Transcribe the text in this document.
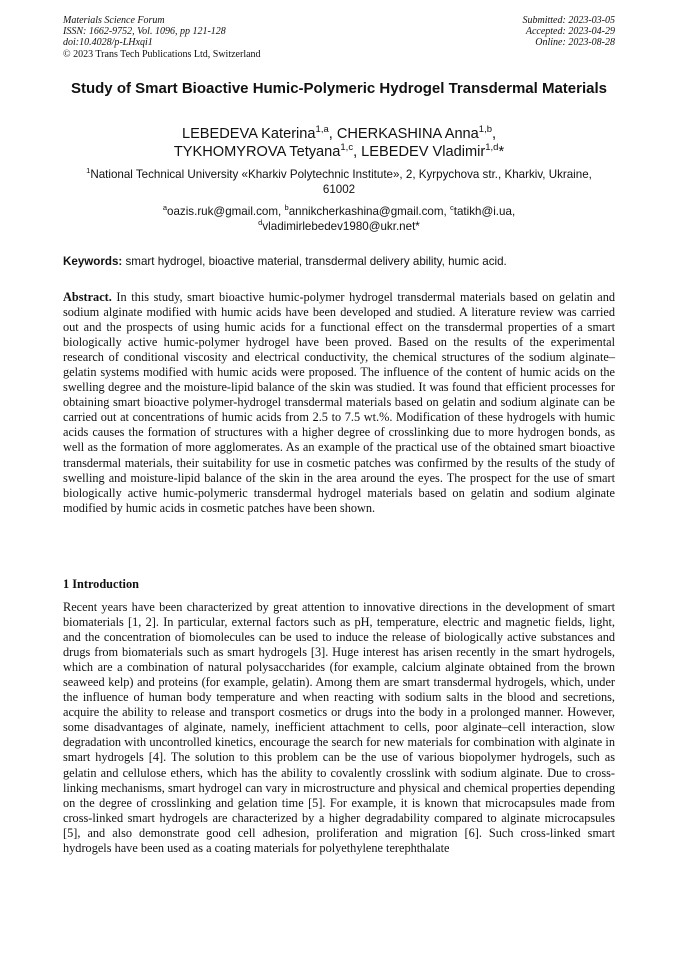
Materials Science Forum
ISSN: 1662-9752, Vol. 1096, pp 121-128
doi:10.4028/p-LHxqi1
© 2023 Trans Tech Publications Ltd, Switzerland
Submitted: 2023-03-05
Accepted: 2023-04-29
Online: 2023-08-28
Study of Smart Bioactive Humic-Polymeric Hydrogel Transdermal Materials
LEBEDEVA Katerina$^{1,a}$, CHERKASHINA Anna$^{1,b}$,
TYKHOMYROVA Tetyana$^{1,c}$, LEBEDEV Vladimir$^{1,d}$*
$^1$National Technical University «Kharkiv Polytechnic Institute», 2, Kyrpychova str., Kharkiv, Ukraine, 61002
$^a$oazis.ruk@gmail.com, $^b$annikcherkashina@gmail.com, $^c$tatikh@i.ua,
$^d$vladimirlebedev1980@ukr.net*
Keywords: smart hydrogel, bioactive material, transdermal delivery ability, humic acid.
Abstract. In this study, smart bioactive humic-polymer hydrogel transdermal materials based on gelatin and sodium alginate modified with humic acids have been developed and studied. A literature review was carried out and the prospects of using humic acids for a functional effect on the transdermal properties of a smart biologically active humic-polymer hydrogel have been proved. Based on the results of the experimental research of conditional viscosity and electrical conductivity, the chemical structures of the sodium alginate–gelatin systems modified with humic acids were proposed. The influence of the content of humic acids on the swelling degree and the moisture-lipid balance of the skin was studied. It was found that efficient processes for obtaining smart bioactive polymer-hydrogel transdermal materials based on gelatin and sodium alginate can be carried out at concentrations of humic acids from 2.5 to 7.5 wt.%. Modification of these hydrogels with humic acids causes the formation of structures with a higher degree of crosslinking due to more hydrogen bonds, as well as the formation of more agglomerates. As an example of the practical use of the obtained smart bioactive transdermal materials, their suitability for use in cosmetic patches was confirmed by the results of the study of swelling and moisture-lipid balance of the skin in the area around the eyes. The prospect for the use of smart biologically active humic-polymeric transdermal hydrogel materials based on gelatin and sodium alginate modified by humic acids in cosmetic patches have been shown.
1 Introduction
Recent years have been characterized by great attention to innovative directions in the development of smart biomaterials [1, 2]. In particular, external factors such as pH, temperature, electric and magnetic fields, light, and the concentration of biomolecules can be used to induce the release of biologically active substances and drugs from biomaterials such as smart hydrogels [3]. Huge interest has arisen recently in the smart hydrogels, which are a combination of natural polysaccharides (for example, calcium alginate obtained from the brown seaweed kelp) and proteins (for example, gelatin). Among them are smart transdermal hydrogels, which, under the influence of human body temperature and when reacting with sodium salts in the blood and secretions, acquire the ability to release and transport cosmetics or drugs into the body in a prolonged manner. However, some disadvantages of alginate, namely, inefficient attachment to cells, poor alginate–cell interaction, slow degradation with uncontrolled kinetics, encourage the search for new materials for combination with alginate in smart hydrogels [4]. The solution to this problem can be the use of various biopolymer hydrogels, such as gelatin and cellulose ethers, which has the ability to covalently crosslink with sodium alginate. Due to cross-linking mechanisms, smart hydrogel can vary in microstructure and physical and chemical properties depending on the degree of crosslinking and gelation time [5]. For example, it is known that microcapsules made from cross-linked smart hydrogels are characterized by a higher degradability compared to alginate microcapsules [5], and also demonstrate good cell adhesion, proliferation and migration [6]. Such cross-linked smart hydrogels have been used as a coating materials for polyethylene terephthalate
